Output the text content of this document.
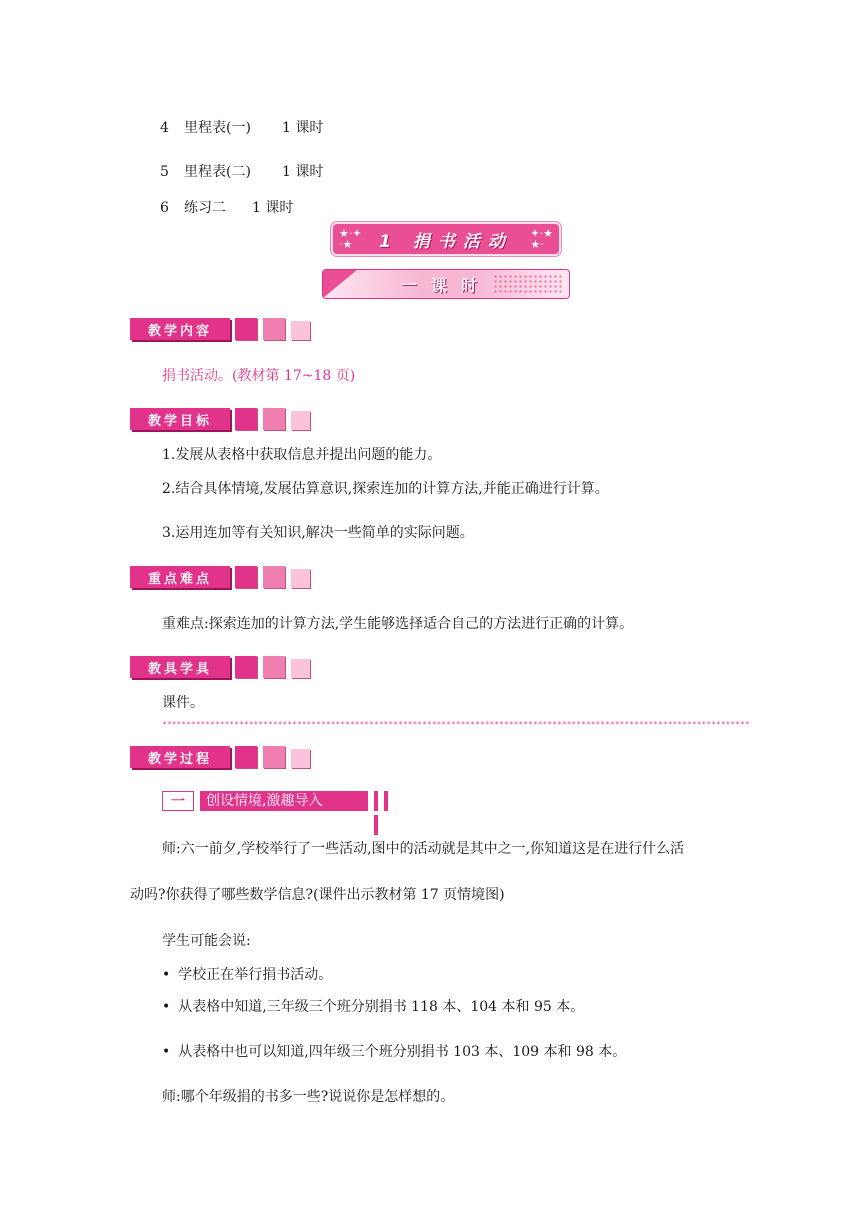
4 里程表(一) 1 课时
5 里程表(二) 1 课时
6 练习二 1 课时
★·✦
·★	1 捐书活动 ✦·★
★·
一课时
教学内容
捐书活动。(教材第 17~18 页)
教学目标
1.发展从表格中获取信息并提出问题的能力。
2.结合具体情境,发展估算意识,探索连加的计算方法,并能正确进行计算。
3.运用连加等有关知识,解决一些简单的实际问题。
重点难点
重难点:探索连加的计算方法,学生能够选择适合自己的方法进行正确的计算。
教具学具
课件。
**************************************************************************************************************************
教学过程
一	创设情境,激趣导入
师:六一前夕,学校举行了一些活动,图中的活动就是其中之一,你知道这是在进行什么活
动吗?你获得了哪些数学信息?(课件出示教材第 17 页情境图)
学生可能会说:
• 学校正在举行捐书活动。
• 从表格中知道,三年级三个班分别捐书 118 本、104 本和 95 本。
• 从表格中也可以知道,四年级三个班分别捐书 103 本、109 本和 98 本。
师:哪个年级捐的书多一些?说说你是怎样想的。
